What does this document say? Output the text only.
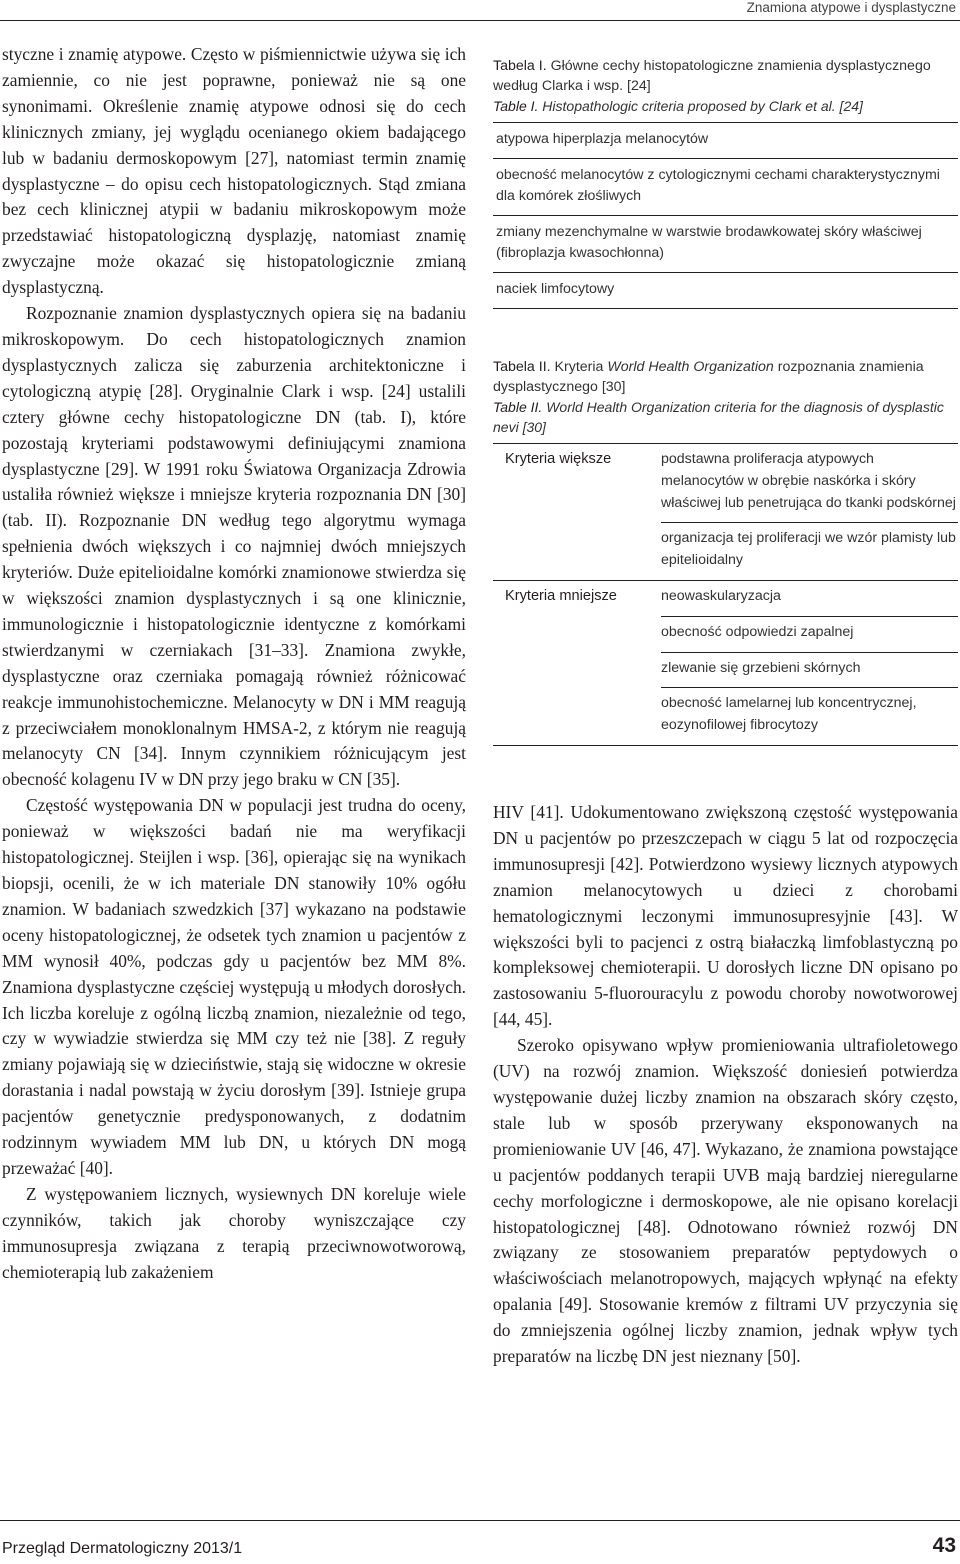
Znamiona atypowe i dysplastyczne

styczne i znamię atypowe. Często w piśmiennictwie używa się ich zamiennie, co nie jest poprawne, ponieważ nie są one synonimami. Określenie znamię atypowe odnosi się do cech klinicznych zmiany, jej wyglądu ocenianego okiem badającego lub w badaniu dermoskopowym [27], natomiast termin znamię dysplastyczne – do opisu cech histopatologicznych. Stąd zmiana bez cech klinicznej atypii w badaniu mikroskopowym może przedstawiać histopatologiczną dysplazję, natomiast znamię zwyczajne może okazać się histopatologicznie zmianą dysplastyczną.

Rozpoznanie znamion dysplastycznych opiera się na badaniu mikroskopowym. Do cech histopatologicznych znamion dysplastycznych zalicza się zaburzenia architektoniczne i cytologiczną atypię [28]. Oryginalnie Clark i wsp. [24] ustalili cztery główne cechy histopatologiczne DN (tab. I), które pozostają kryteriami podstawowymi definiującymi znamiona dysplastyczne [29]. W 1991 roku Światowa Organizacja Zdrowia ustaliła również większe i mniejsze kryteria rozpoznania DN [30] (tab. II). Rozpoznanie DN według tego algorytmu wymaga spełnienia dwóch większych i co najmniej dwóch mniejszych kryteriów. Duże epitelioidalne komórki znamionowe stwierdza się w większości znamion dysplastycznych i są one klinicznie, immunologicznie i histopatologicznie identyczne z komórkami stwierdzanymi w czerniakach [31–33]. Znamiona zwykłe, dysplastyczne oraz czerniaka pomagają również różnicować reakcje immunohistochemiczne. Melanocyty w DN i MM reagują z przeciwciałem monoklonalnym HMSA-2, z którym nie reagują melanocyty CN [34]. Innym czynnikiem różnicującym jest obecność kolagenu IV w DN przy jego braku w CN [35].

Częstość występowania DN w populacji jest trudna do oceny, ponieważ w większości badań nie ma weryfikacji histopatologicznej. Steijlen i wsp. [36], opierając się na wynikach biopsji, ocenili, że w ich materiale DN stanowiły 10% ogółu znamion. W badaniach szwedzkich [37] wykazano na podstawie oceny histopatologicznej, że odsetek tych znamion u pacjentów z MM wynosił 40%, podczas gdy u pacjentów bez MM 8%. Znamiona dysplastyczne częściej występują u młodych dorosłych. Ich liczba koreluje z ogólną liczbą znamion, niezależnie od tego, czy w wywiadzie stwierdza się MM czy też nie [38]. Z reguły zmiany pojawiają się w dzieciństwie, stają się widoczne w okresie dorastania i nadal powstają w życiu dorosłym [39]. Istnieje grupa pacjentów genetycznie predysponowanych, z dodatnim rodzinnym wywiadem MM lub DN, u których DN mogą przeważać [40].

Z występowaniem licznych, wysiewnych DN koreluje wiele czynników, takich jak choroby wyniszczające czy immunosupresja związana z terapią przeciwnowotworową, chemioterapią lub zakażeniem

Tabela I. Główne cechy histopatologiczne znamienia dysplastycznego według Clarka i wsp. [24]
Table I. Histopathologic criteria proposed by Clark et al. [24]
atypowa hiperplazja melanocytów
obecność melanocytów z cytologicznymi cechami charakterystycznymi dla komórek złośliwych
zmiany mezenchymalne w warstwie brodawkowatej skóry właściwej (fibroplazja kwasochłonna)
naciek limfocytowy
Tabela II. Kryteria World Health Organization rozpoznania znamienia dysplastycznego [30]
Table II. World Health Organization criteria for the diagnosis of dysplastic nevi [30]
Kryteria większe	podstawna proliferacja atypowych melanocytów w obrębie naskórka i skóry właściwej lub penetrująca do tkanki podskórnej
organizacja tej proliferacji we wzór plamisty lub epitelioidalny
Kryteria mniejsze	neowaskularyzacja
obecność odpowiedzi zapalnej
zlewanie się grzebieni skórnych
obecność lamelarnej lub koncentrycznej, eozynofilowej fibrocytozy

HIV [41]. Udokumentowano zwiększoną częstość występowania DN u pacjentów po przeszczepach w ciągu 5 lat od rozpoczęcia immunosupresji [42]. Potwierdzono wysiewy licznych atypowych znamion melanocytowych u dzieci z chorobami hematologicznymi leczonymi immunosupresyjnie [43]. W większości byli to pacjenci z ostrą białaczką limfoblastyczną po kompleksowej chemioterapii. U dorosłych liczne DN opisano po zastosowaniu 5-fluorouracylu z powodu choroby nowotworowej [44, 45].

Szeroko opisywano wpływ promieniowania ultrafioletowego (UV) na rozwój znamion. Większość doniesień potwierdza występowanie dużej liczby znamion na obszarach skóry często, stale lub w sposób przerywany eksponowanych na promieniowanie UV [46, 47]. Wykazano, że znamiona powstające u pacjentów poddanych terapii UVB mają bardziej nieregularne cechy morfologiczne i dermoskopowe, ale nie opisano korelacji histopatologicznej [48]. Odnotowano również rozwój DN związany ze stosowaniem preparatów peptydowych o właściwościach melanotropowych, mających wpłynąć na efekty opalania [49]. Stosowanie kremów z filtrami UV przyczynia się do zmniejszenia ogólnej liczby znamion, jednak wpływ tych preparatów na liczbę DN jest nieznany [50].

Przegląd Dermatologiczny 2013/1	43
